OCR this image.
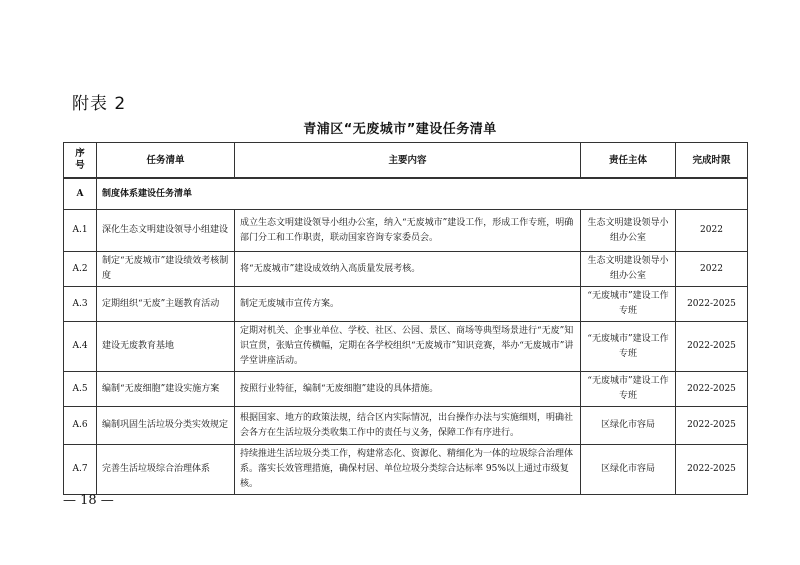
附表 2
青浦区“无废城市”建设任务清单
序
号	任务清单	主要内容	责任主体	完成时限
A	制度体系建设任务清单			
A.1	深化生态文明建设领导小组建设	成立生态文明建设领导小组办公室，纳入“无废城市”建设工作，形成工作专班，明确部门分工和工作职责，联动国家咨询专家委员会。	生态文明建设领导小组办公室	2022
A.2	制定“无废城市”建设绩效考核制度	将“无废城市”建设成效纳入高质量发展考核。	生态文明建设领导小组办公室	2022
A.3	定期组织“无废”主题教育活动	制定无废城市宣传方案。	“无废城市”建设工作专班	2022-2025
A.4	建设无废教育基地	定期对机关、企事业单位、学校、社区、公园、景区、商场等典型场景进行“无废”知识宣贯，张贴宣传横幅，定期在各学校组织“无废城市”知识竞赛，举办“无废城市”讲学堂讲座活动。	“无废城市”建设工作专班	2022-2025
A.5	编制“无废细胞”建设实施方案	按照行业特征，编制“无废细胞”建设的具体措施。	“无废城市”建设工作专班	2022-2025
A.6	编制巩固生活垃圾分类实效规定	根据国家、地方的政策法规，结合区内实际情况，出台操作办法与实施细则，明确社会各方在生活垃圾分类收集工作中的责任与义务，保障工作有序进行。	区绿化市容局	2022-2025
A.7	完善生活垃圾综合治理体系	持续推进生活垃圾分类工作，构建常态化、资源化、精细化为一体的垃圾综合治理体系。落实长效管理措施，确保村居、单位垃圾分类综合达标率 95%以上通过市级复核。	区绿化市容局	2022-2025
— 18 —
